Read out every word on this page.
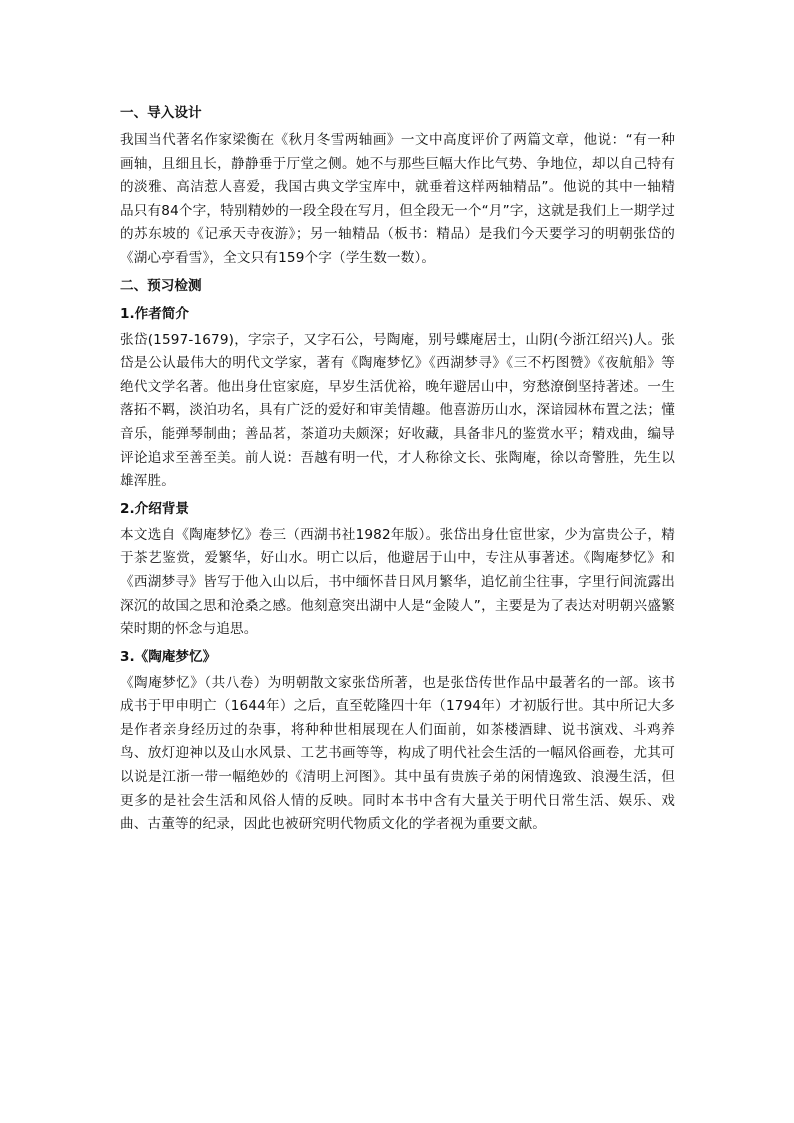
一、导入设计

我国当代著名作家梁衡在《秋月冬雪两轴画》一文中高度评价了两篇文章，他说：“有一种画轴，且细且长，静静垂于厅堂之侧。她不与那些巨幅大作比气势、争地位，却以自己特有的淡雅、高洁惹人喜爱，我国古典文学宝库中，就垂着这样两轴精品”。他说的其中一轴精品只有84个字，特别精妙的一段全段在写月，但全段无一个“月”字，这就是我们上一期学过的苏东坡的《记承天寺夜游》；另一轴精品（板书：精品）是我们今天要学习的明朝张岱的《湖心亭看雪》，全文只有159个字（学生数一数）。

二、预习检测

1.作者简介

张岱(1597-1679)，字宗子，又字石公，号陶庵，别号蝶庵居士，山阴(今浙江绍兴)人。张岱是公认最伟大的明代文学家，著有《陶庵梦忆》《西湖梦寻》《三不朽图赞》《夜航船》等绝代文学名著。他出身仕宦家庭，早岁生活优裕，晚年避居山中，穷愁潦倒坚持著述。一生落拓不羁，淡泊功名，具有广泛的爱好和审美情趣。他喜游历山水，深谙园林布置之法；懂音乐，能弹琴制曲；善品茗，茶道功夫颇深；好收藏，具备非凡的鉴赏水平；精戏曲，编导评论追求至善至美。前人说：吾越有明一代，才人称徐文长、张陶庵，徐以奇警胜，先生以雄浑胜。

2.介绍背景

本文选自《陶庵梦忆》卷三（西湖书社1982年版）。张岱出身仕宦世家，少为富贵公子，精于茶艺鉴赏，爱繁华，好山水。明亡以后，他避居于山中，专注从事著述。《陶庵梦忆》和《西湖梦寻》皆写于他入山以后，书中缅怀昔日风月繁华，追忆前尘往事，字里行间流露出深沉的故国之思和沧桑之感。他刻意突出湖中人是“金陵人”，主要是为了表达对明朝兴盛繁荣时期的怀念与追思。

3.《陶庵梦忆》

《陶庵梦忆》（共八卷）为明朝散文家张岱所著，也是张岱传世作品中最著名的一部。该书成书于甲申明亡（1644年）之后，直至乾隆四十年（1794年）才初版行世。其中所记大多是作者亲身经历过的杂事，将种种世相展现在人们面前，如茶楼酒肆、说书演戏、斗鸡养鸟、放灯迎神以及山水风景、工艺书画等等，构成了明代社会生活的一幅风俗画卷，尤其可以说是江浙一带一幅绝妙的《清明上河图》。其中虽有贵族子弟的闲情逸致、浪漫生活，但更多的是社会生活和风俗人情的反映。同时本书中含有大量关于明代日常生活、娱乐、戏曲、古董等的纪录，因此也被研究明代物质文化的学者视为重要文献。
